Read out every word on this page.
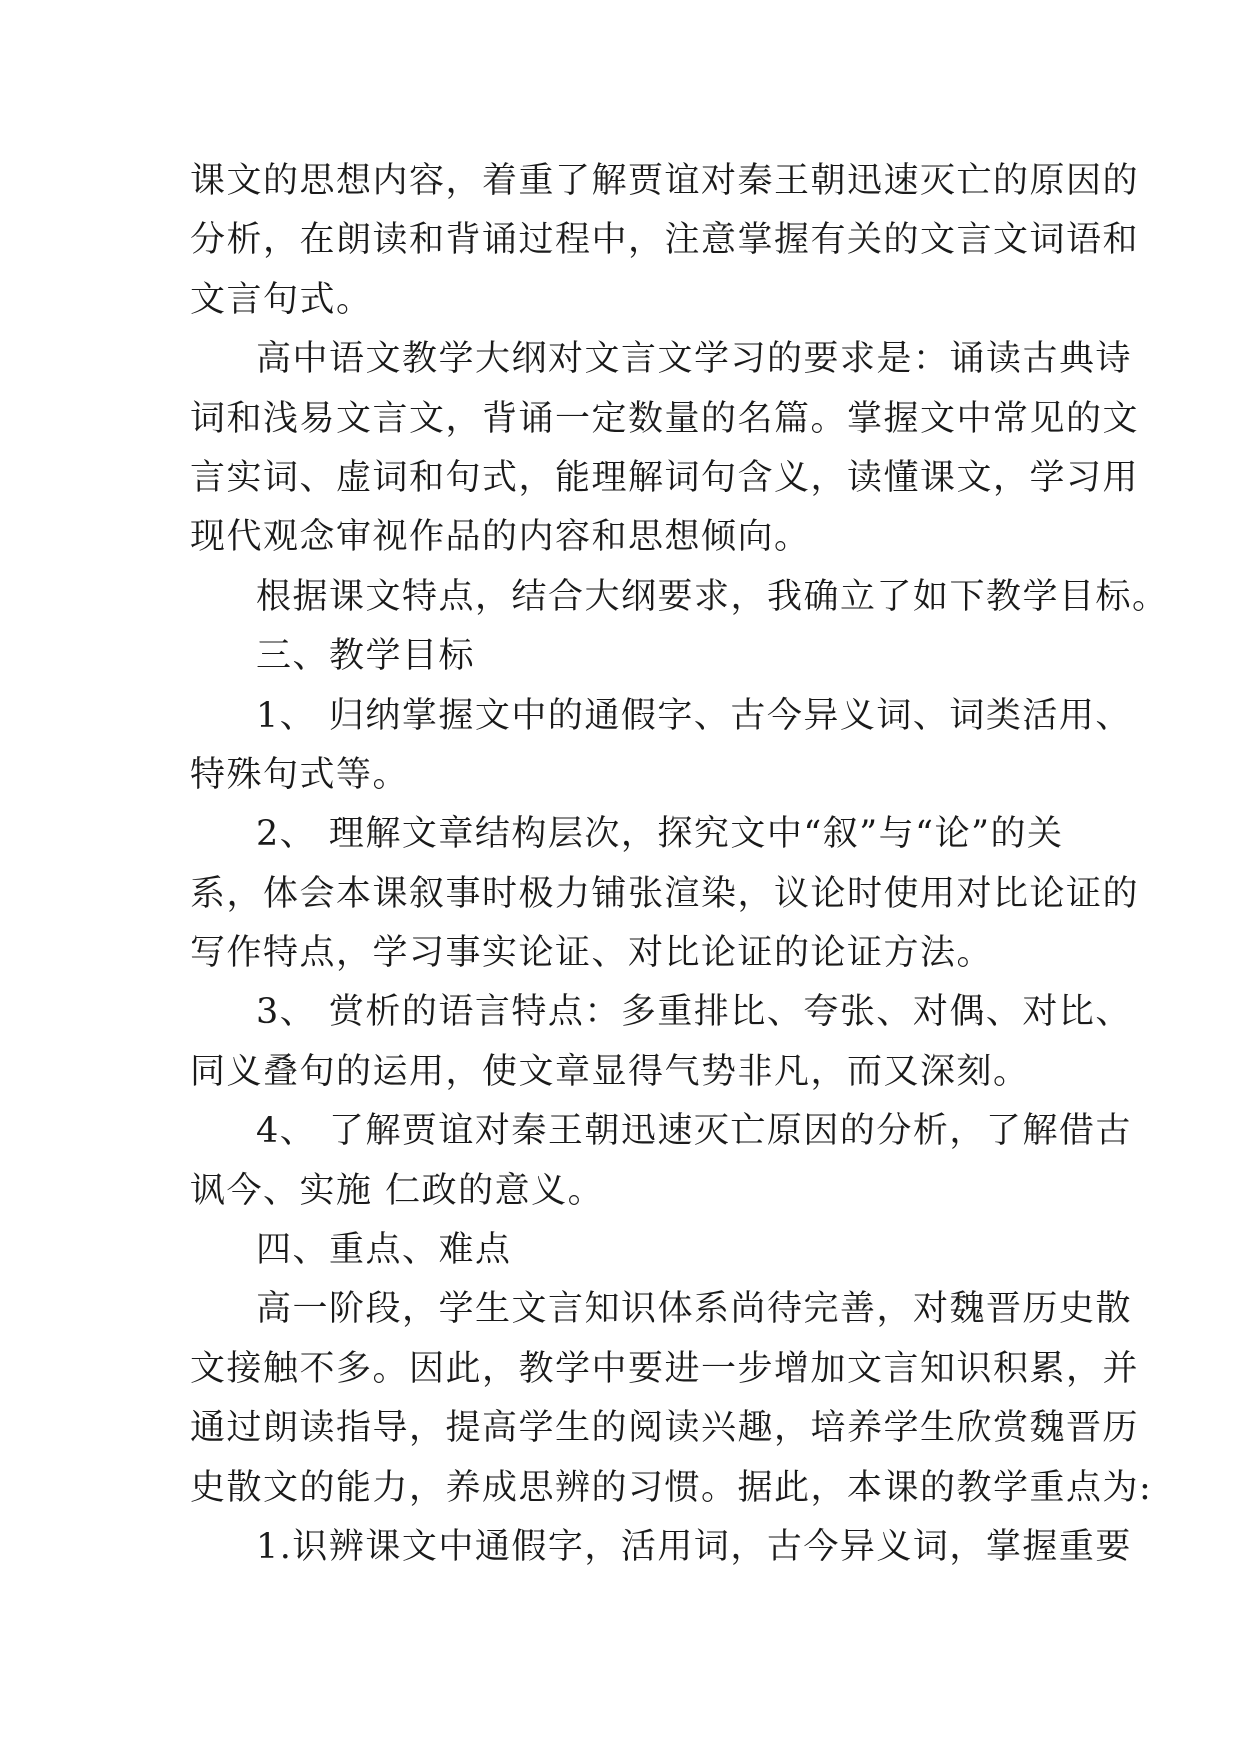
课文的思想内容，着重了解贾谊对秦王朝迅速灭亡的原因的
分析，在朗读和背诵过程中，注意掌握有关的文言文词语和
文言句式。
高中语文教学大纲对文言文学习的要求是：诵读古典诗
词和浅易文言文，背诵一定数量的名篇。掌握文中常见的文
言实词、虚词和句式，能理解词句含义，读懂课文，学习用
现代观念审视作品的内容和思想倾向。
根据课文特点，结合大纲要求，我确立了如下教学目标。
三、教学目标
1、 归纳掌握文中的通假字、古今异义词、词类活用、
特殊句式等。
2、 理解文章结构层次，探究文中“叙”与“论”的关
系，体会本课叙事时极力铺张渲染，议论时使用对比论证的
写作特点，学习事实论证、对比论证的论证方法。
3、 赏析的语言特点：多重排比、夸张、对偶、对比、
同义叠句的运用，使文章显得气势非凡，而又深刻。
4、 了解贾谊对秦王朝迅速灭亡原因的分析，了解借古
讽今、实施 仁政的意义。
四、重点、难点
高一阶段，学生文言知识体系尚待完善，对魏晋历史散
文接触不多。因此，教学中要进一步增加文言知识积累，并
通过朗读指导，提高学生的阅读兴趣，培养学生欣赏魏晋历
史散文的能力，养成思辨的习惯。据此，本课的教学重点为:
1.识辨课文中通假字，活用词，古今异义词，掌握重要
